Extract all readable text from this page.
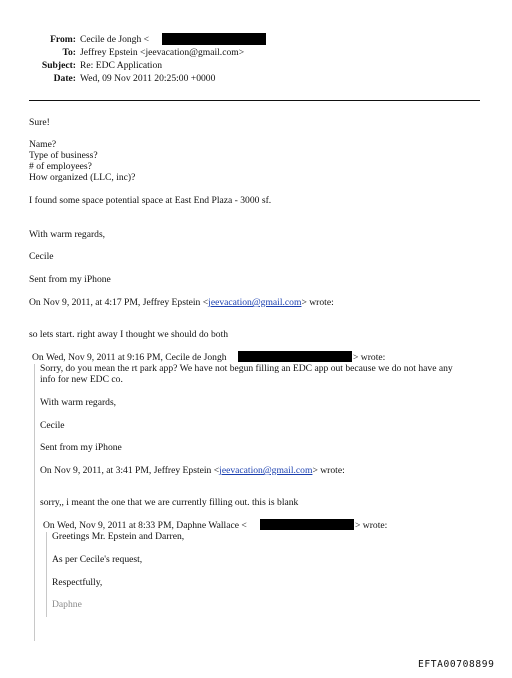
From: Cecile de Jongh <
To: Jeffrey Epstein <jeevacation@gmail.com>
Subject: Re: EDC Application
Date: Wed, 09 Nov 2011 20:25:00 +0000
Sure!
Name?
Type of business?
# of employees?
How organized (LLC, inc)?
I found some space potential space at East End Plaza - 3000 sf.
With warm regards,
Cecile
Sent from my iPhone
On Nov 9, 2011, at 4:17 PM, Jeffrey Epstein <jeevacation@gmail.com> wrote:
so lets start. right away I thought we should do both
On Wed, Nov 9, 2011 at 9:16 PM, Cecile de Jongh	> wrote:
Sorry, do you mean the rt park app? We have not begun filling an EDC app out because we do not have any
info for new EDC co.
With warm regards,
Cecile
Sent from my iPhone
On Nov 9, 2011, at 3:41 PM, Jeffrey Epstein <jeevacation@gmail.com> wrote:
sorry,, i meant the one that we are currently filling out. this is blank
On Wed, Nov 9, 2011 at 8:33 PM, Daphne Wallace <	> wrote:
Greetings Mr. Epstein and Darren,
As per Cecile's request,
Respectfully,
Daphne
EFTA00708899
